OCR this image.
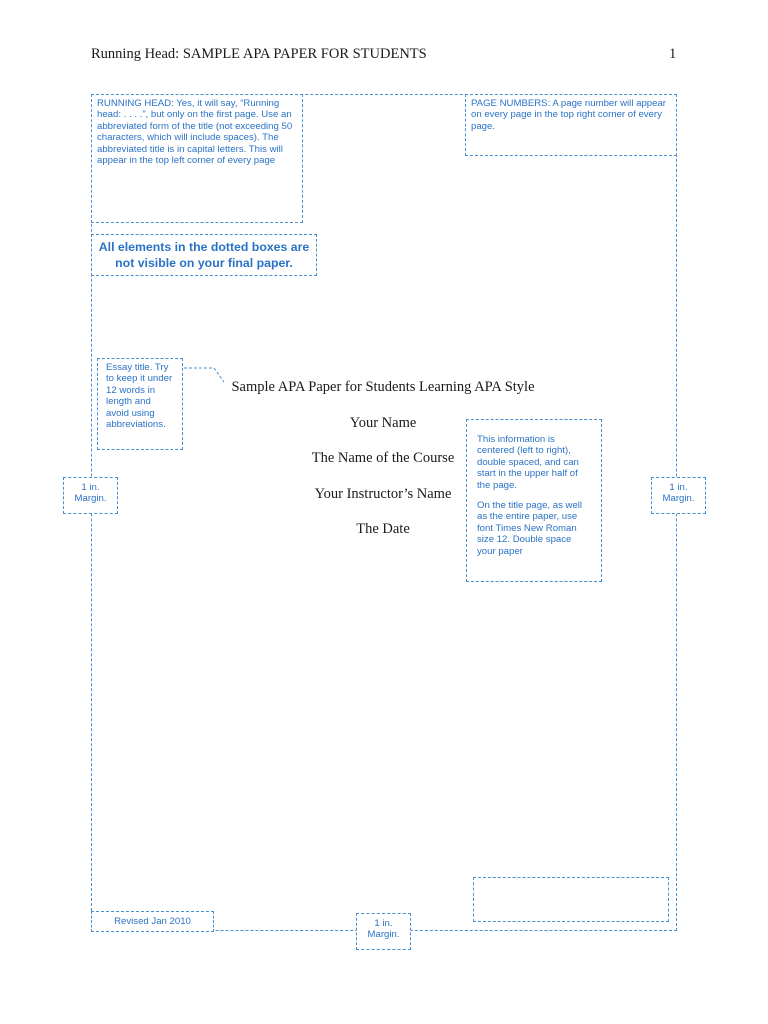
Running Head: SAMPLE APA PAPER FOR STUDENTS	1

RUNNING HEAD: Yes, it will say, “Running head: . . . .”, but only on the first page. Use an abbreviated form of the title (not exceeding 50 characters, which will include spaces). The abbreviated title is in capital letters. This will appear in the top left corner of every page

PAGE NUMBERS: A page number will appear on every page in the top right corner of every page.

All elements in the dotted boxes are not visible on your final paper.

Essay title. Try to keep it under 12 words in length and avoid using abbreviations.

Sample APA Paper for Students Learning APA Style
Your Name
The Name of the Course
Your Instructor’s Name
The Date

This information is centered (left to right), double spaced, and can start in the upper half of the page.

On the title page, as well as the entire paper, use font Times New Roman size 12. Double space your paper

1 in. Margin.

1 in. Margin.

Revised Jan 2010	1 in. Margin.
